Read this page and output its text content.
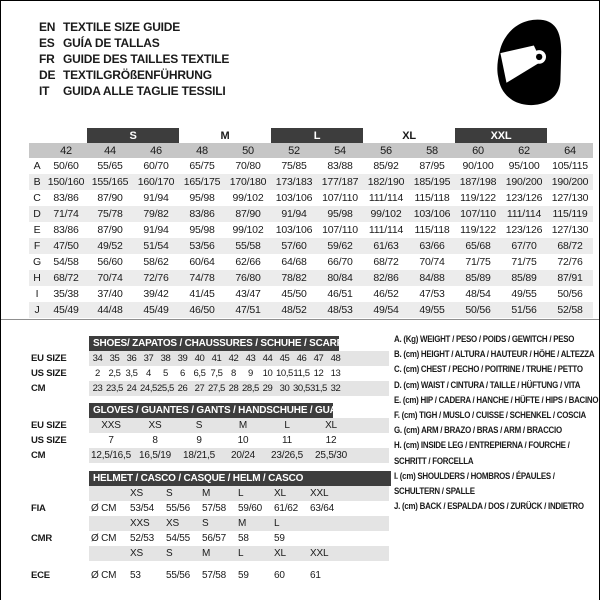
EN TEXTILE SIZE GUIDE
ES GUÍA DE TALLAS
FR GUIDE DES TAILLES TEXTILE
DE TEXTILGRÖßENFÜHRUNG
IT	GUIDA ALLE TAGLIE TESSILI
		S		M		L		XL		XXL		
	42	44	46	48	50	52	54	56	58	60	62	64
A	50/60	55/65	60/70	65/75	70/80	75/85	83/88	85/92	87/95	90/100	95/100	105/115
B	150/160	155/165	160/170	165/175	170/180	173/183	177/187	182/190	185/195	187/198	190/200	190/200
C	83/86	87/90	91/94	95/98	99/102	103/106	107/110	111/114	115/118	119/122	123/126	127/130
D	71/74	75/78	79/82	83/86	87/90	91/94	95/98	99/102	103/106	107/110	111/114	115/119
E	83/86	87/90	91/94	95/98	99/102	103/106	107/110	111/114	115/118	119/122	123/126	127/130
F	47/50	49/52	51/54	53/56	55/58	57/60	59/62	61/63	63/66	65/68	67/70	68/72
G	54/58	56/60	58/62	60/64	62/66	64/68	66/70	68/72	70/74	71/75	71/75	72/76
H	68/72	70/74	72/76	74/78	76/80	78/82	80/84	82/86	84/88	85/89	85/89	87/91
I	35/38	37/40	39/42	41/45	43/47	45/50	46/51	46/52	47/53	48/54	49/55	50/56
J	45/49	44/48	45/49	46/50	47/51	48/52	48/53	49/54	49/55	50/56	51/56	52/58

	SHOES/ ZAPATOS / CHAUSSURES / SCHUHE / SCARPE															

EU SIZE	34	35	36	37	38	39	40	41	42	43	44	45	46	47	48	
US SIZE	2	2,5	3,5	4	5	6	6,5	7,5	8	9	10	10,5	11,5	12	13	
CM	23	23,5	24	24,5	25,5	26	27	27,5	28	28,5	29	30	30,5	31,5	32	

	GLOVES / GUANTES / GANTS / HANDSCHUHE / GUANTI						

EU SIZE	XXS	XS	S	M	L	XL	
US SIZE	7	8	9	10	11	12	
CM	12,5/16,5	16,5/19	18/21,5	20/24	23/26,5	25,5/30	

	HELMET / CASCO / CASQUE / HELM / CASCO							

		XS	S	M	L	XL	XXL	
FIA	Ø CM	53/54	55/56	57/58	59/60	61/62	63/64	
		XXS	XS	S	M	L		
CMR	Ø CM	52/53	54/55	56/57	58	59		
		XS	S	M	L	XL	XXL	
ECE	Ø CM	53	55/56	57/58	59	60	61	
A. (Kg) WEIGHT / PESO / POIDS / GEWITCH / PESO
B. (cm) HEIGHT / ALTURA / HAUTEUR / HÖHE / ALTEZZA
C. (cm) CHEST / PECHO / POITRINE / TRUHE / PETTO
D. (cm) WAIST / CINTURA / TAILLE / HÜFTUNG / VITA
E. (cm) HIP / CADERA / HANCHE / HÜFTE / HIPS / BACINO
F. (cm) TIGH / MUSLO / CUISSE / SCHENKEL / COSCIA
G. (cm) ARM / BRAZO / BRAS / ARM / BRACCIO
H. (cm) INSIDE LEG / ENTREPIERNA / FOURCHE /
SCHRITT / FORCELLA
I. (cm) SHOULDERS / HOMBROS / ÉPAULES /
SCHULTERN / SPALLE
J. (cm) BACK / ESPALDA / DOS / ZURÜCK / INDIETRO
